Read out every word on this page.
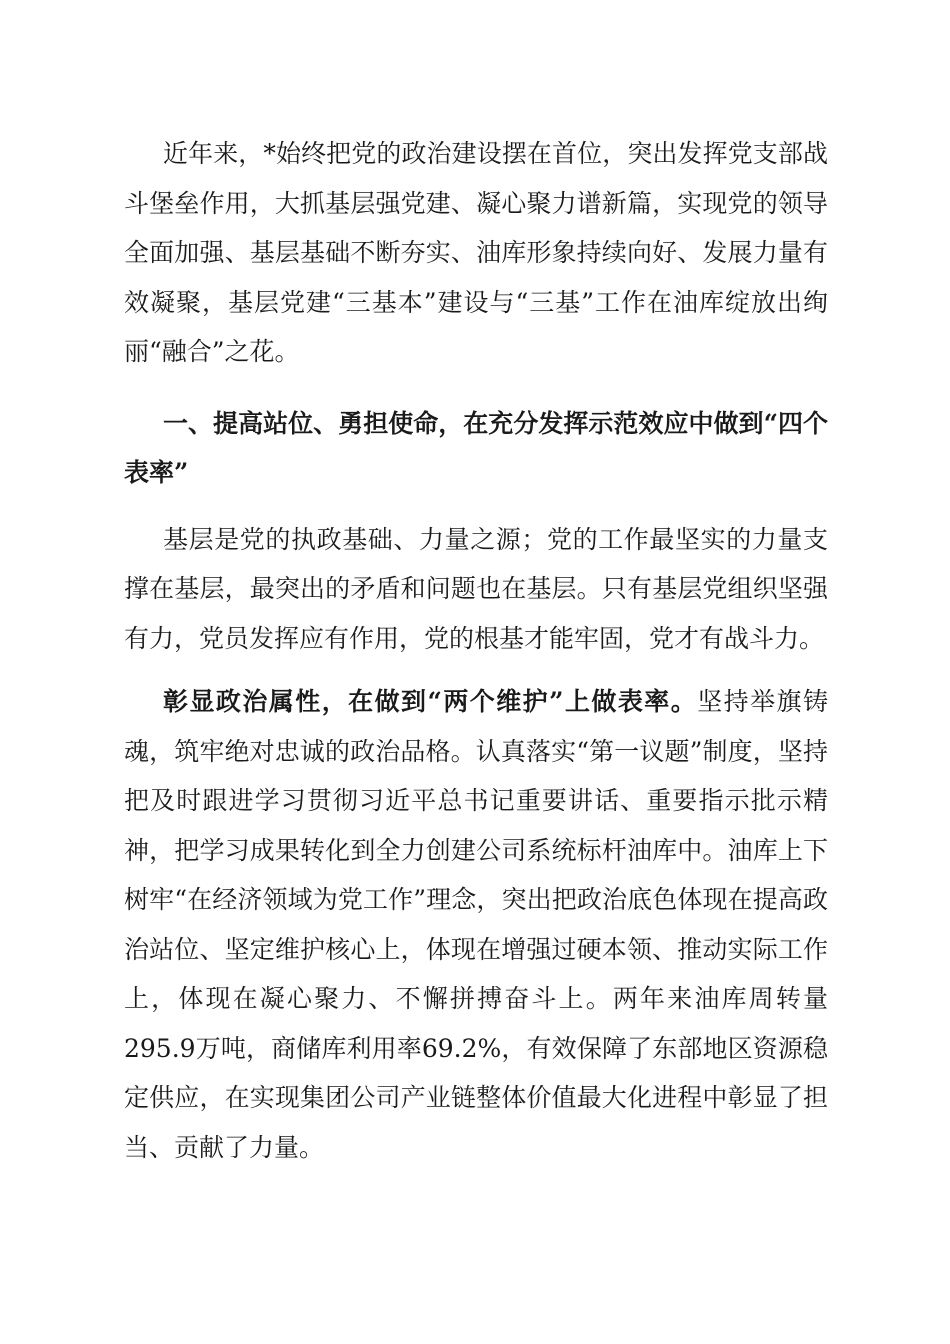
近年来，*始终把党的政治建设摆在首位，突出发挥党支部战斗堡垒作用，大抓基层强党建、凝心聚力谱新篇，实现党的领导全面加强、基层基础不断夯实、油库形象持续向好、发展力量有效凝聚，基层党建“三基本”建设与“三基”工作在油库绽放出绚丽“融合”之花。

一、提高站位、勇担使命，在充分发挥示范效应中做到“四个表率”

基层是党的执政基础、力量之源；党的工作最坚实的力量支撑在基层，最突出的矛盾和问题也在基层。只有基层党组织坚强有力，党员发挥应有作用，党的根基才能牢固，党才有战斗力。

彰显政治属性，在做到“两个维护”上做表率。坚持举旗铸魂，筑牢绝对忠诚的政治品格。认真落实“第一议题”制度，坚持把及时跟进学习贯彻习近平总书记重要讲话、重要指示批示精神，把学习成果转化到全力创建公司系统标杆油库中。油库上下树牢“在经济领域为党工作”理念，突出把政治底色体现在提高政治站位、坚定维护核心上，体现在增强过硬本领、推动实际工作上，体现在凝心聚力、不懈拼搏奋斗上。两年来油库周转量295.9万吨，商储库利用率69.2%，有效保障了东部地区资源稳定供应，在实现集团公司产业链整体价值最大化进程中彰显了担当、贡献了力量。
